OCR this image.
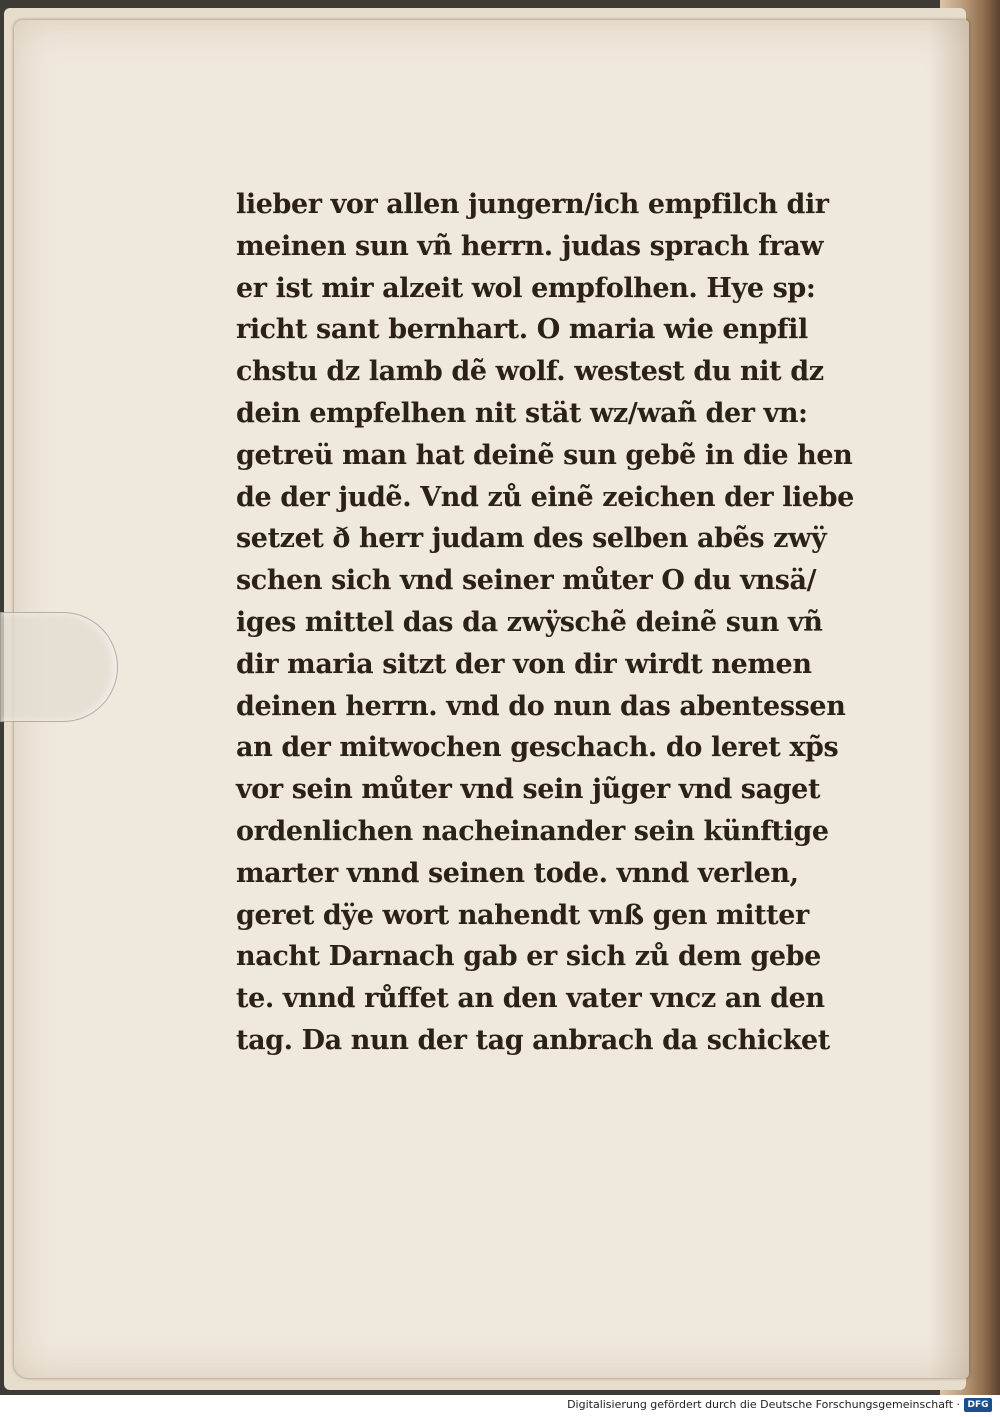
lieber vor allen jungern/ich empfilch dir
meinen sun vñ herrn. judas sprach fraw
er ist mir alzeit wol empfolhen. Hye sp:
richt sant bernhart. O maria wie enpfil
chstu dz lamb dẽ wolf. westest du nit dz
dein empfelhen nit stät wz/wañ der vn:
getreü man hat deinẽ sun gebẽ in die hen
de der judẽ. Vnd zů einẽ zeichen der liebe
setzet ð herr judam des selben abẽs zwÿ
schen sich vnd seiner můter O du vnsä/
iges mittel das da zwÿschẽ deinẽ sun vñ
dir maria sitzt der von dir wirdt nemen
deinen herrn. vnd do nun das abentessen
an der mitwochen geschach. do leret xp̃s
vor sein můter vnd sein jũger vnd saget
ordenlichen nacheinander sein künftige
marter vnnd seinen tode. vnnd verlen,
geret dÿe wort nahendt vnß gen mitter
nacht Darnach gab er sich zů dem gebe
te. vnnd růffet an den vater vncz an den
tag. Da nun der tag anbrach da schicket
Digitalisierung gefördert durch die Deutsche Forschungsgemeinschaft · DFG
